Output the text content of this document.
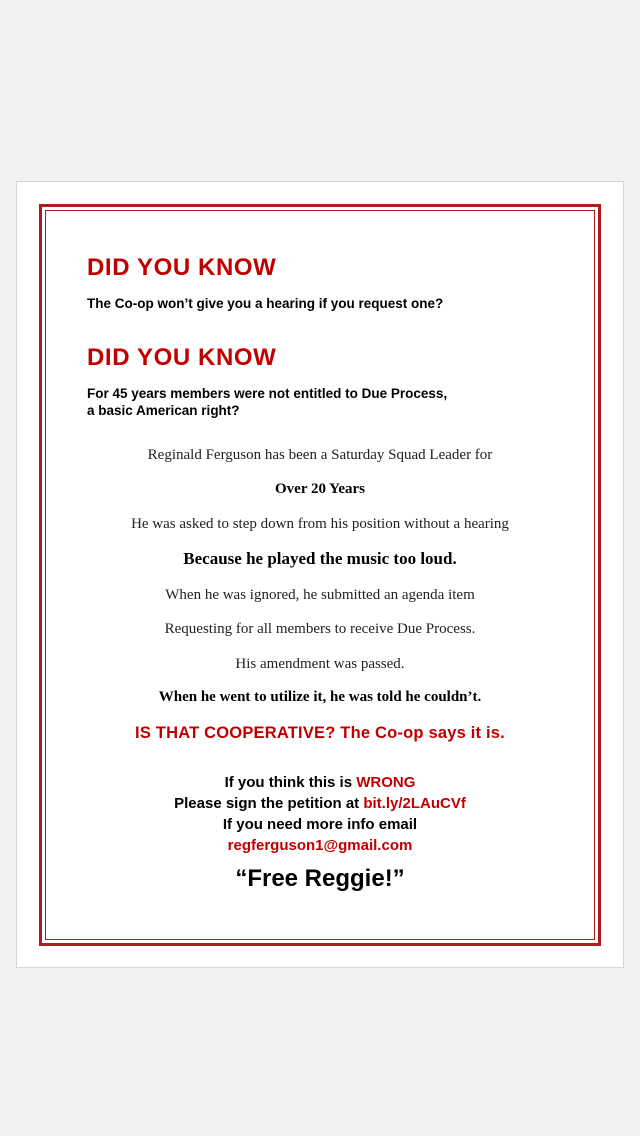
DID YOU KNOW

The Co-op won’t give you a hearing if you request one?

DID YOU KNOW

For 45 years members were not entitled to Due Process,
a basic American right?

Reginald Ferguson has been a Saturday Squad Leader for

Over 20 Years

He was asked to step down from his position without a hearing

Because he played the music too loud.

When he was ignored, he submitted an agenda item

Requesting for all members to receive Due Process.

His amendment was passed.

When he went to utilize it, he was told he couldn’t.

IS THAT COOPERATIVE? The Co-op says it is.

If you think this is WRONG
Please sign the petition at bit.ly/2LAuCVf
If you need more info email
regferguson1@gmail.com

“Free Reggie!”
